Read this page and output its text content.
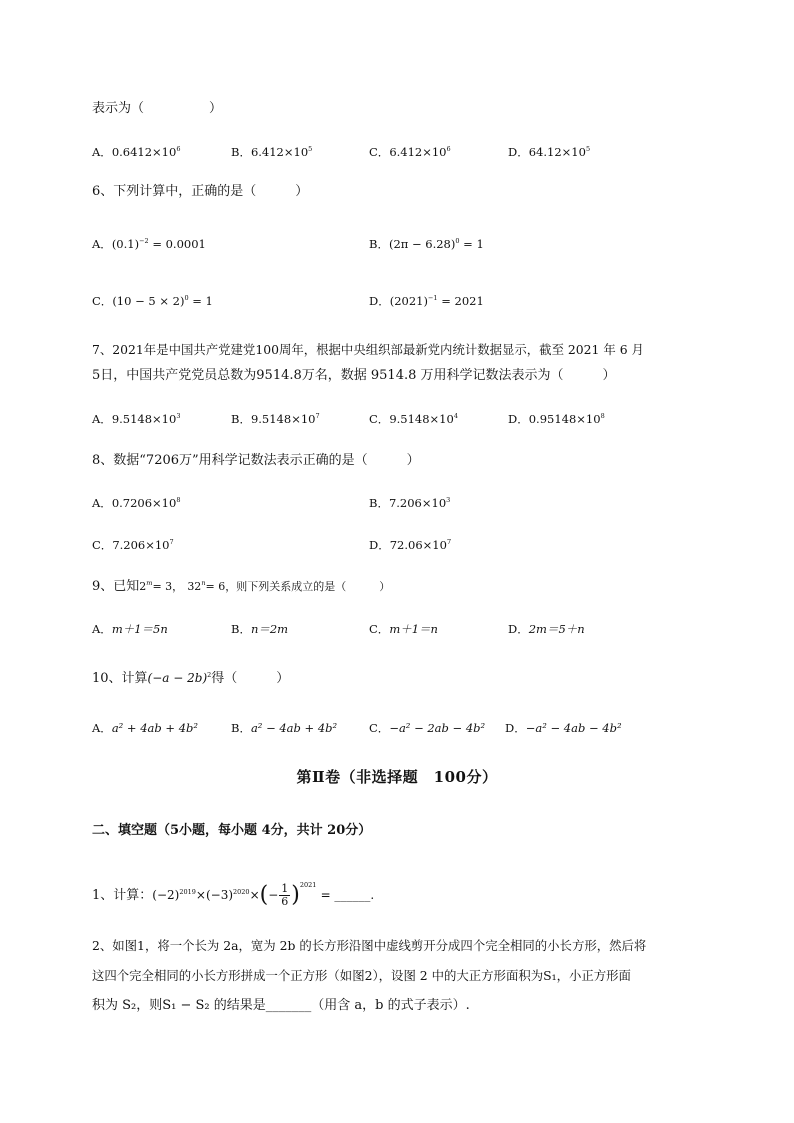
表示为（　　　　　）
A．$0.6412\times 10^6$	B．$6.412\times 10^5$	C．$6.412\times 10^6$	D．$64.12\times 10^5$
6、下列计算中，正确的是（　　　）
A．$(0.1)^{-2} = 0.0001$	B．$(2\pi - 6.28)^0 = 1$
C．$(10 - 5 \times 2)^0 = 1$	D．$(2021)^{-1} = 2021$
7、2021年是中国共产党建党100周年，根据中央组织部最新党内统计数据显示，截至 2021 年 6 月
5日，中国共产党党员总数为9514.8万名，数据 9514.8 万用科学记数法表示为（　　　）
A．$9.5148\times 10^3$	B．$9.5148\times 10^7$	C．$9.5148\times 10^4$	D．$0.95148\times 10^8$
8、数据“7206万”用科学记数法表示正确的是（　　　）
A．$0.7206\times 10^8$	B．$7.206\times 10^3$
C．$7.206\times 10^7$	D．$72.06\times 10^7$
9、已知$2^m= 3$， $32^n= 6$，则下列关系成立的是（　　　）
A．m＋1＝5n	B．n＝2m	C．m＋1＝n	D．2m＝5＋n
10、计算$(-a - 2b)^2$得（　　　）
A．a² + 4ab + 4b²	B．a² − 4ab + 4b²	C．−a² − 2ab − 4b² D．−a² − 4ab − 4b²
第Ⅱ卷（非选择题　100分）
二、填空题（5小题，每小题 4分，共计 20分）
1、计算：$(-2)^{2019}\times(-3)^{2020}\times(- \frac{1}{6} )^{2021}$ = ______.
2、如图1，将一个长为 2a，宽为 2b 的长方形沿图中虚线剪开分成四个完全相同的小长方形，然后将
这四个完全相同的小长方形拼成一个正方形（如图2），设图 2 中的大正方形面积为S₁，小正方形面
积为 S₂，则S₁ − S₂ 的结果是_______（用含 a，b 的式子表示）.
